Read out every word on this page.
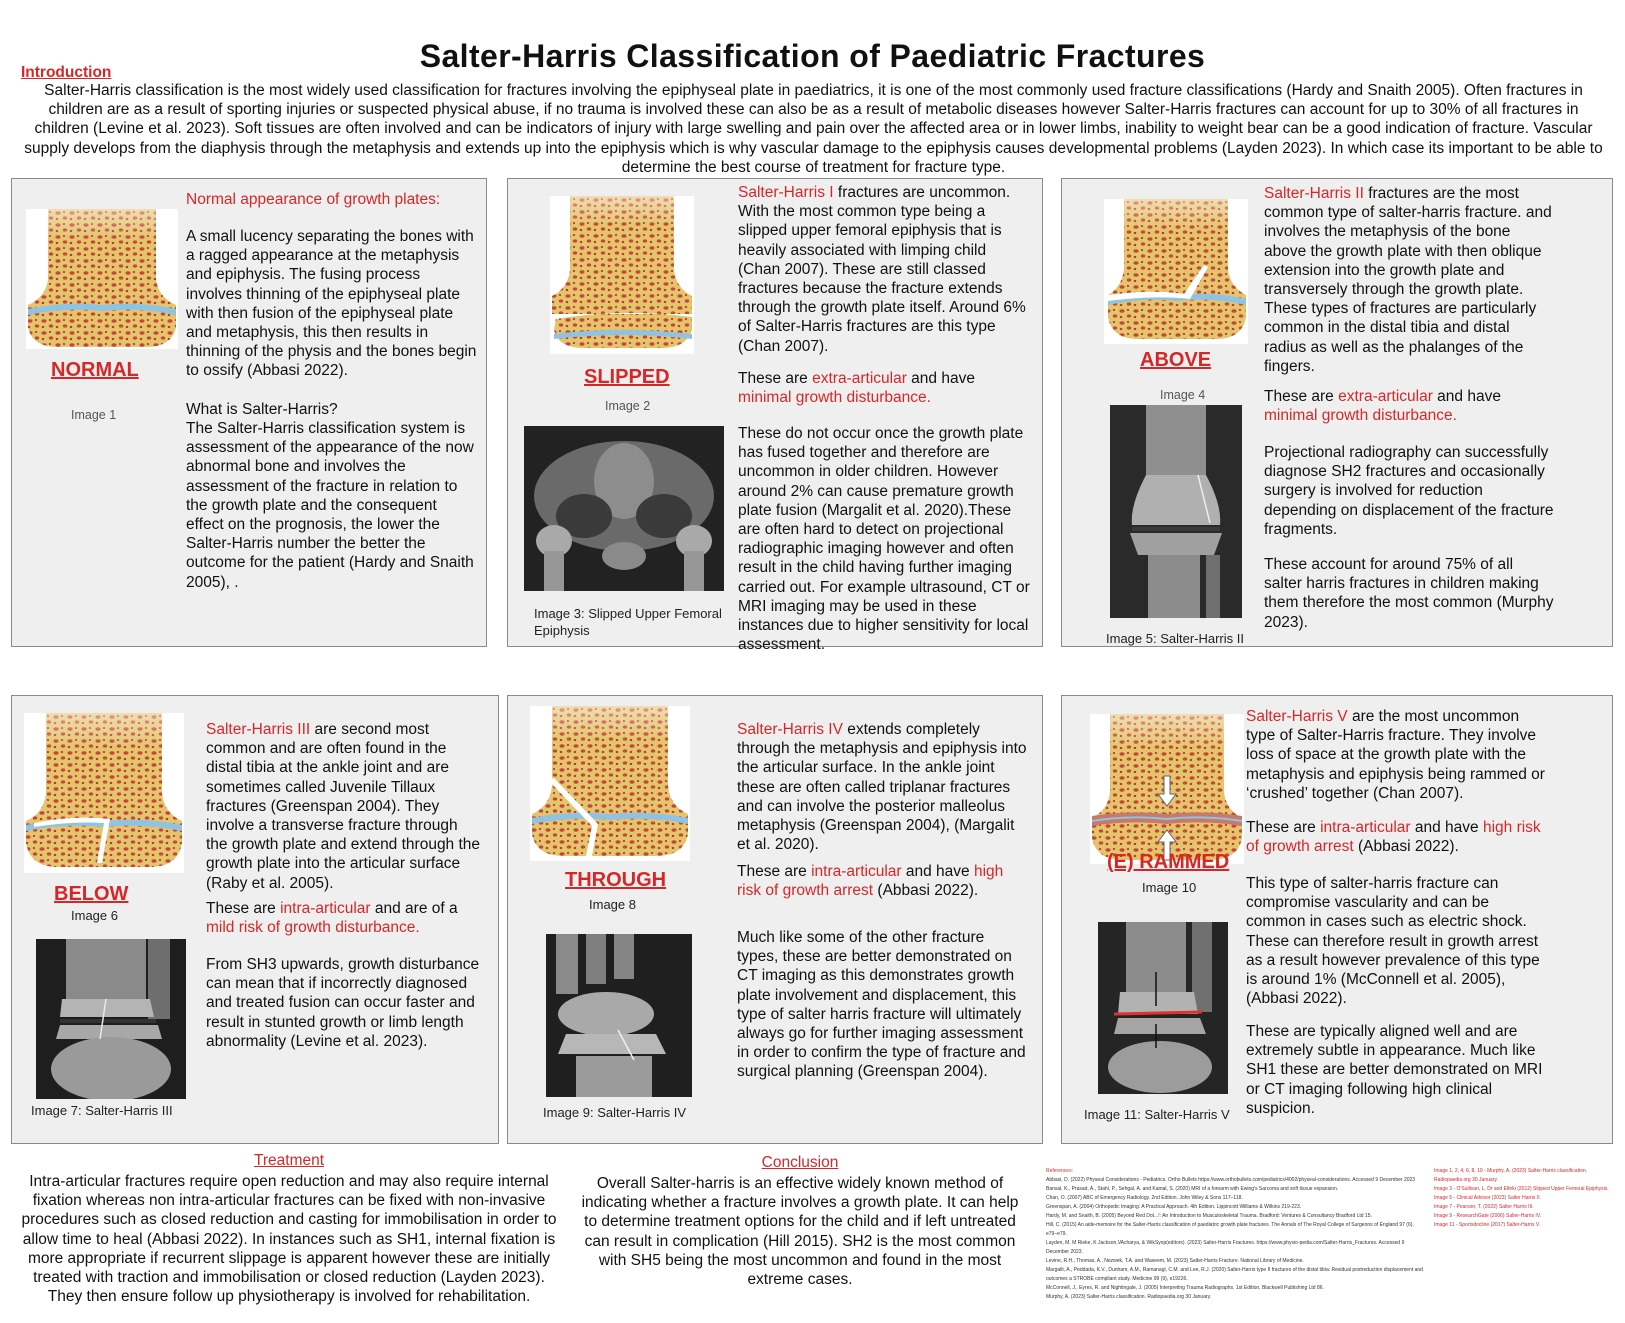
Salter-Harris Classification of Paediatric Fractures
Introduction
Salter-Harris classification is the most widely used classification for fractures involving the epiphyseal plate in paediatrics, it is one of the most commonly used fracture classifications (Hardy and Snaith 2005). Often fractures in children are as a result of sporting injuries or suspected physical abuse, if no trauma is involved these can also be as a result of metabolic diseases however Salter-Harris fractures can account for up to 30% of all fractures in children (Levine et al. 2023). Soft tissues are often involved and can be indicators of injury with large swelling and pain over the affected area or in lower limbs, inability to weight bear can be a good indication of fracture. Vascular supply develops from the diaphysis through the metaphysis and extends up into the epiphysis which is why vascular damage to the epiphysis causes developmental problems (Layden 2023). In which case its important to be able to determine the best course of treatment for fracture type.
NORMAL
Image 1
Normal appearance of growth plates:
A small lucency separating the bones with a ragged appearance at the metaphysis and epiphysis. The fusing process involves thinning of the epiphyseal plate with then fusion of the epiphyseal plate and metaphysis, this then results in thinning of the physis and the bones begin to ossify (Abbasi 2022).

What is Salter-Harris?
The Salter-Harris classification system is assessment of the appearance of the now abnormal bone and involves the assessment of the fracture in relation to the growth plate and the consequent effect on the prognosis, the lower the Salter-Harris number the better the outcome for the patient (Hardy and Snaith 2005), .
SLIPPED
Image 2
Image 3: Slipped Upper Femoral Epiphysis
Salter-Harris I fractures are uncommon. With the most common type being a slipped upper femoral epiphysis that is heavily associated with limping child (Chan 2007). These are still classed fractures because the fracture extends through the growth plate itself. Around 6% of Salter-Harris fractures are this type (Chan 2007).
These are extra-articular and have minimal growth disturbance.
These do not occur once the growth plate has fused together and therefore are uncommon in older children. However around 2% can cause premature growth plate fusion (Margalit et al. 2020).These are often hard to detect on projectional radiographic imaging however and often result in the child having further imaging carried out. For example ultrasound, CT or MRI imaging may be used in these instances due to higher sensitivity for local assessment.
ABOVE
Image 4
Image 5: Salter-Harris II
Salter-Harris II fractures are the most common type of salter-harris fracture. and involves the metaphysis of the bone above the growth plate with then oblique extension into the growth plate and transversely through the growth plate. These types of fractures are particularly common in the distal tibia and distal radius as well as the phalanges of the fingers.
These are extra-articular and have minimal growth disturbance.
Projectional radiography can successfully diagnose SH2 fractures and occasionally surgery is involved for reduction depending on displacement of the fracture fragments.
These account for around 75% of all salter harris fractures in children making them therefore the most common (Murphy 2023).
BELOW
Image 6
Image 7: Salter-Harris III
Salter-Harris III are second most common and are often found in the distal tibia at the ankle joint and are sometimes called Juvenile Tillaux fractures (Greenspan 2004). They involve a transverse fracture through the growth plate and extend through the growth plate into the articular surface (Raby et al. 2005).
These are intra-articular and are of a mild risk of growth disturbance.
From SH3 upwards, growth disturbance can mean that if incorrectly diagnosed and treated fusion can occur faster and result in stunted growth or limb length abnormality (Levine et al. 2023).
THROUGH
Image 8
Image 9: Salter-Harris IV
Salter-Harris IV extends completely through the metaphysis and epiphysis into the articular surface. In the ankle joint these are often called triplanar fractures and can involve the posterior malleolus metaphysis (Greenspan 2004), (Margalit et al. 2020).
These are intra-articular and have high risk of growth arrest (Abbasi 2022).
Much like some of the other fracture types, these are better demonstrated on CT imaging as this demonstrates growth plate involvement and displacement, this type of salter harris fracture will ultimately always go for further imaging assessment in order to confirm the type of fracture and surgical planning (Greenspan 2004).
(E) RAMMED
Image 10
Image 11: Salter-Harris V
Salter-Harris V are the most uncommon type of Salter-Harris fracture. They involve loss of space at the growth plate with the metaphysis and epiphysis being rammed or ‘crushed’ together (Chan 2007).
These are intra-articular and have high risk of growth arrest (Abbasi 2022).
This type of salter-harris fracture can compromise vascularity and can be common in cases such as electric shock. These can therefore result in growth arrest as a result however prevalence of this type is around 1% (McConnell et al. 2005), (Abbasi 2022).
These are typically aligned well and are extremely subtle in appearance. Much like SH1 these are better demonstrated on MRI or CT imaging following high clinical suspicion.
Treatment
Intra-articular fractures require open reduction and may also require internal fixation whereas non intra-articular fractures can be fixed with non-invasive procedures such as closed reduction and casting for immobilisation in order to allow time to heal (Abbasi 2022). In instances such as SH1, internal fixation is more appropriate if recurrent slippage is apparent however these are initially treated with traction and immobilisation or closed reduction (Layden 2023). They then ensure follow up physiotherapy is involved for rehabilitation.
Conclusion
Overall Salter-harris is an effective widely known method of indicating whether a fracture involves a growth plate. It can help to determine treatment options for the child and if left untreated can result in complication (Hill 2015). SH2 is the most common with SH5 being the most uncommon and found in the most extreme cases.
References:
Abbasi, D. (2022) Physeal Considerations - Pediatrics. Ortho Bullets https://www.orthobullets.com/pediatrics/4002/physeal-considerations. Accessed 9 December 2023
Bansal, K., Prasad, A., Stahl, P., Sehgal, A. and Kamal, S. (2020) MRI of a forearm with Ewing's Sarcoma and soft tissue expansion.
Chan, O. (2007) ABC of Emergency Radiology. 2nd Edition. John Wiley & Sons 117–118.
Greenspan, A. (2004) Orthopedic Imaging: A Practical Approach. 4th Edition. Lippincott Williams & Wilkins 219-223.
Hardy, M. and Snaith, B. (2005) Beyond Red Dot...!: An Introduction to Musculoskeletal Trauma. Bradford: Ventures & Consultancy Bradford Ltd 15.
Hill, C. (2015) An aide-memoire for the Salter-Harris classification of paediatric growth plate fractures. The Annals of The Royal College of Surgeons of England 97 (6), e79–e79.
Layden, M. M Rieke, K Jackson,VAcharya, & WikSyop(editors). (2023) Salter-Harris Fractures. https://www.physio-pedia.com/Salter-Harris_Fractures. Accessed 9 December 2023.
Levine, R.H., Thomas, A., Nezwek, T.A. and Waseem, M. (2023) Salter-Harris Fracture. National Library of Medicine.
Margalit, A., Peddada, K.V., Dunham, A.M., Ramanagi, C.M. and Lee, R.J. (2020) Salter-Harris type II fractures of the distal tibia: Residual postreduction displacement and outcomes a STROBE compliant study. Medicine 99 (9), e19226.
McConnell, J., Eyres, R. and Nightingale, J. (2005) Interpreting Trauma Radiographs. 1st Edition. Blackwell Publishing Ltd 86.
Murphy, A. (2023) Salter-Harris classification. Radiopaedia.org 30 January.
Image 1, 2, 4, 6, 8, 10 - Murphy, A. (2023) Salter-Harris classification. Radiopaedia.org 30 January.
Image 3 - O'Sullivan, L. Dr and Elfeki (2012) Slipped Upper Femoral Epiphysis.
Image 5 - Clinical Advisor (2023) Salter Harris II.
Image 7 - Pearson, T. (2022) Salter Harris III.
Image 9 - ResearchGate (2006) Salter-Harris IV.
Image 11 - Sportsdocline (2017) Salter-Harris V.
